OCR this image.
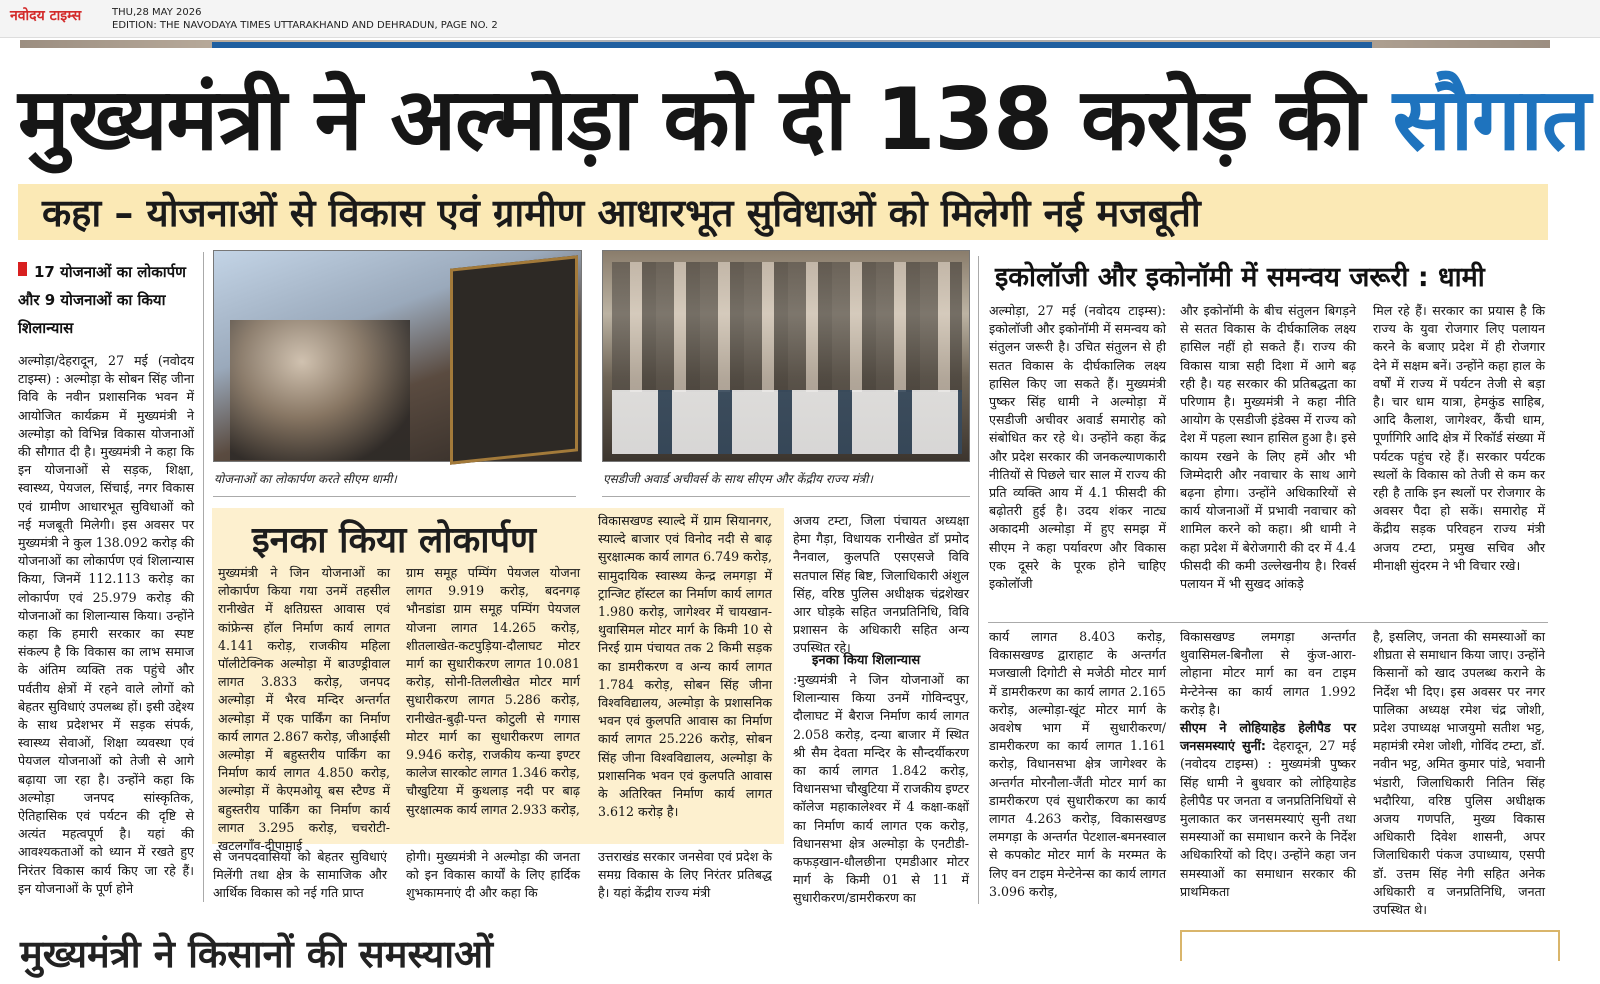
नवोदय टाइम्स	THU,28 MAY 2026
EDITION: THE NAVODAYA TIMES UTTARAKHAND AND DEHRADUN, PAGE NO. 2
मुख्यमंत्री ने अल्मोड़ा को दी 138 करोड़ की सौगात
कहा – योजनाओं से विकास एवं ग्रामीण आधारभूत सुविधाओं को मिलेगी नई मजबूती
17 योजनाओं का लोकार्पण और 9 योजनाओं का किया शिलान्यास
अल्मोड़ा/देहरादून, 27 मई (नवोदय टाइम्स) : अल्मोड़ा के सोबन सिंह जीना विवि के नवीन प्रशासनिक भवन में आयोजित कार्यक्रम में मुख्यमंत्री ने अल्मोड़ा को विभिन्न विकास योजनाओं की सौगात दी है। मुख्यमंत्री ने कहा कि इन योजनाओं से सड़क, शिक्षा, स्वास्थ्य, पेयजल, सिंचाई, नगर विकास एवं ग्रामीण आधारभूत सुविधाओं को नई मजबूती मिलेगी। इस अवसर पर मुख्यमंत्री ने कुल 138.092 करोड़ की योजनाओं का लोकार्पण एवं शिलान्यास किया, जिनमें 112.113 करोड़ का लोकार्पण एवं 25.979 करोड़ की योजनाओं का शिलान्यास किया। उन्होंने कहा कि हमारी सरकार का स्पष्ट संकल्प है कि विकास का लाभ समाज के अंतिम व्यक्ति तक पहुंचे और पर्वतीय क्षेत्रों में रहने वाले लोगों को बेहतर सुविधाएं उपलब्ध हों। इसी उद्देश्य के साथ प्रदेशभर में सड़क संपर्क, स्वास्थ्य सेवाओं, शिक्षा व्यवस्था एवं पेयजल योजनाओं को तेजी से आगे बढ़ाया जा रहा है। उन्होंने कहा कि अल्मोड़ा जनपद सांस्कृतिक, ऐतिहासिक एवं पर्यटन की दृष्टि से अत्यंत महत्वपूर्ण है। यहां की आवश्यकताओं को ध्यान में रखते हुए निरंतर विकास कार्य किए जा रहे हैं। इन योजनाओं के पूर्ण होने
योजनाओं का लोकार्पण करते सीएम धामी।	एसडीजी अवार्ड अचीवर्स के साथ सीएम और केंद्रीय राज्य मंत्री।
इनका किया लोकार्पण
मुख्यमंत्री ने जिन योजनाओं का लोकार्पण किया गया उनमें तहसील रानीखेत में क्षतिग्रस्त आवास एवं कांफ्रेन्स हॉल निर्माण कार्य लागत 4.141 करोड़, राजकीय महिला पॉलीटेक्निक अल्मोड़ा में बाउण्ड्रीवाल लागत 3.833 करोड़, जनपद अल्मोड़ा में भैरव मन्दिर अन्तर्गत अल्मोड़ा में एक पार्किंग का निर्माण कार्य लागत 2.867 करोड़, जीआईसी अल्मोड़ा में बहुस्तरीय पार्किंग का निर्माण कार्य लागत 4.850 करोड़, अल्मोड़ा में केएमओयू बस स्टैण्ड में बहुस्तरीय पार्किंग का निर्माण कार्य लागत 3.295 करोड़, चचरोटी-खटलगाँव-दीपामाई
ग्राम समूह पम्पिंग पेयजल योजना लागत 9.919 करोड़, बदनगढ़ भौनडांडा ग्राम समूह पम्पिंग पेयजल योजना लागत 14.265 करोड़, शीतलाखेत-कटपुड़िया-दौलाघट मोटर मार्ग का सुधारीकरण लागत 10.081 करोड़, सोनी-तिललीखेत मोटर मार्ग सुधारीकरण लागत 5.286 करोड़, रानीखेत-बुढ़ी-पन्त कोटुली से गगास मोटर मार्ग का सुधारीकरण लागत 9.946 करोड़, राजकीय कन्या इण्टर कालेज सारकोट लागत 1.346 करोड़, चौखुटिया में कुथलाड़ नदी पर बाढ़ सुरक्षात्मक कार्य लागत 2.933 करोड़,
विकासखण्ड स्याल्दे में ग्राम सियानगर, स्याल्दे बाजार एवं विनोद नदी से बाढ़ सुरक्षात्मक कार्य लागत 6.749 करोड़, सामुदायिक स्वास्थ्य केन्द्र लमगड़ा में ट्रान्जिट हॉस्टल का निर्माण कार्य लागत 1.980 करोड़, जागेश्वर में चायखान-थुवासिमल मोटर मार्ग के किमी 10 से निरई ग्राम पंचायत तक 2 किमी सड़क का डामरीकरण व अन्य कार्य लागत 1.784 करोड़, सोबन सिंह जीना विश्वविद्यालय, अल्मोड़ा के प्रशासनिक भवन एवं कुलपति आवास का निर्माण कार्य लागत 25.226 करोड़, सोबन सिंह जीना विश्वविद्यालय, अल्मोड़ा के प्रशासनिक भवन एवं कुलपति आवास के अतिरिक्त निर्माण कार्य लागत 3.612 करोड़ है।
से जनपदवासियों को बेहतर सुविधाएं मिलेंगी तथा क्षेत्र के सामाजिक और आर्थिक विकास को नई गति प्राप्त
होगी। मुख्यमंत्री ने अल्मोड़ा की जनता को इन विकास कार्यों के लिए हार्दिक शुभकामनाएं दी और कहा कि
उत्तराखंड सरकार जनसेवा एवं प्रदेश के समग्र विकास के लिए निरंतर प्रतिबद्ध है। यहां केंद्रीय राज्य मंत्री
अजय टम्टा, जिला पंचायत अध्यक्षा हेमा गैड़ा, विधायक रानीखेत डॉ प्रमोद नैनवाल, कुलपति एसएसजे विवि सतपाल सिंह बिष्ट, जिलाधिकारी अंशुल सिंह, वरिष्ठ पुलिस अधीक्षक चंद्रशेखर आर घोड़के सहित जनप्रतिनिधि, विवि प्रशासन के अधिकारी सहित अन्य उपस्थित रहे।
इनका किया शिलान्यास
:मुख्यमंत्री ने जिन योजनाओं का शिलान्यास किया उनमें गोविन्दपुर, दौलाघट में बैराज निर्माण कार्य लागत 2.058 करोड़, दन्या बाजार में स्थित श्री सैम देवता मन्दिर के सौन्दर्यीकरण का कार्य लागत 1.842 करोड़, विधानसभा चौखुटिया में राजकीय इण्टर कॉलेज महाकालेश्वर में 4 कक्षा-कक्षों का निर्माण कार्य लागत एक करोड़, विधानसभा क्षेत्र अल्मोड़ा के एनटीडी-कफड़खान-धौलछीना एमडीआर मोटर मार्ग के किमी 01 से 11 में सुधारीकरण/डामरीकरण का
इकोलॉजी और इकोनॉमी में समन्वय जरूरी : धामी
अल्मोड़ा, 27 मई (नवोदय टाइम्स): इकोलॉजी और इकोनॉमी में समन्वय को संतुलन जरूरी है। उचित संतुलन से ही सतत विकास के दीर्घकालिक लक्ष्य हासिल किए जा सकते हैं। मुख्यमंत्री पुष्कर सिंह धामी ने अल्मोड़ा में एसडीजी अचीवर अवार्ड समारोह को संबोधित कर रहे थे। उन्होंने कहा केंद्र और प्रदेश सरकार की जनकल्याणकारी नीतियों से पिछले चार साल में राज्य की प्रति व्यक्ति आय में 4.1 फीसदी की बढ़ोतरी हुई है। उदय शंकर नाट्य अकादमी अल्मोड़ा में हुए समझ में सीएम ने कहा पर्यावरण और विकास एक दूसरे के पूरक होने चाहिए इकोलॉजी
और इकोनॉमी के बीच संतुलन बिगड़ने से सतत विकास के दीर्घकालिक लक्ष्य हासिल नहीं हो सकते हैं। राज्य की विकास यात्रा सही दिशा में आगे बढ़ रही है। यह सरकार की प्रतिबद्धता का परिणाम है। मुख्यमंत्री ने कहा नीति आयोग के एसडीजी इंडेक्स में राज्य को देश में पहला स्थान हासिल हुआ है। इसे कायम रखने के लिए हमें और भी जिम्मेदारी और नवाचार के साथ आगे बढ़ना होगा। उन्होंने अधिकारियों से कार्य योजनाओं में प्रभावी नवाचार को शामिल करने को कहा। श्री धामी ने कहा प्रदेश में बेरोजगारी की दर में 4.4 फीसदी की कमी उल्लेखनीय है। रिवर्स पलायन में भी सुखद आंकड़े
मिल रहे हैं। सरकार का प्रयास है कि राज्य के युवा रोजगार लिए पलायन करने के बजाए प्रदेश में ही रोजगार देने में सक्षम बनें। उन्होंने कहा हाल के वर्षों में राज्य में पर्यटन तेजी से बड़ा है। चार धाम यात्रा, हेमकुंड साहिब, आदि कैलाश, जागेश्वर, कैंची धाम, पूर्णागिरि आदि क्षेत्र में रिकॉर्ड संख्या में पर्यटक पहुंच रहे हैं। सरकार पर्यटक स्थलों के विकास को तेजी से कम कर रही है ताकि इन स्थलों पर रोजगार के अवसर पैदा हो सकें। समारोह में केंद्रीय सड़क परिवहन राज्य मंत्री अजय टम्टा, प्रमुख सचिव और मीनाक्षी सुंदरम ने भी विचार रखे।
कार्य लागत 8.403 करोड़, विकासखण्ड द्वाराहाट के अन्तर्गत मजखाली दिगोटी से मजेठी मोटर मार्ग में डामरीकरण का कार्य लागत 2.165 करोड़, अल्मोड़ा-खूंट मोटर मार्ग के अवशेष भाग में सुधारीकरण/डामरीकरण का कार्य लागत 1.161 करोड़, विधानसभा क्षेत्र जागेश्वर के अन्तर्गत मोरनौला-जैंती मोटर मार्ग का डामरीकरण एवं सुधारीकरण का कार्य लागत 4.263 करोड़, विकासखण्ड लमगड़ा के अन्तर्गत पेटशाल-बमनस्वाल से कपकोट मोटर मार्ग के मरम्मत के लिए वन टाइम मेन्टेनेन्स का कार्य लागत 3.096 करोड़,
विकासखण्ड लमगड़ा अन्तर्गत थुवासिमल-बिनौला से कुंज-आरा-लोहाना मोटर मार्ग का वन टाइम मेन्टेनेन्स का कार्य लागत 1.992 करोड़ है।
सीएम ने लोहियाहेड हेलीपैड पर जनसमस्याएं सुनीं: देहरादून, 27 मई (नवोदय टाइम्स) : मुख्यमंत्री पुष्कर सिंह धामी ने बुधवार को लोहियाहेड हेलीपैड पर जनता व जनप्रतिनिधियों से मुलाकात कर जनसमस्याएं सुनी तथा समस्याओं का समाधान करने के निर्देश अधिकारियों को दिए। उन्होंने कहा जन समस्याओं का समाधान सरकार की प्राथमिकता
है, इसलिए, जनता की समस्याओं का शीघ्रता से समाधान किया जाए। उन्होंने किसानों को खाद उपलब्ध कराने के निर्देश भी दिए। इस अवसर पर नगर पालिका अध्यक्ष रमेश चंद्र जोशी, प्रदेश उपाध्यक्ष भाजयुमो सतीश भट्ट, महामंत्री रमेश जोशी, गोविंद टम्टा, डॉ. नवीन भट्ट, अमित कुमार पांडे, भवानी भंडारी, जिलाधिकारी नितिन सिंह भदौरिया, वरिष्ठ पुलिस अधीक्षक अजय गणपति, मुख्य विकास अधिकारी दिवेश शासनी, अपर जिलाधिकारी पंकज उपाध्याय, एसपी डॉ. उत्तम सिंह नेगी सहित अनेक अधिकारी व जनप्रतिनिधि, जनता उपस्थित थे।
मुख्यमंत्री ने किसानों की समस्याओं
